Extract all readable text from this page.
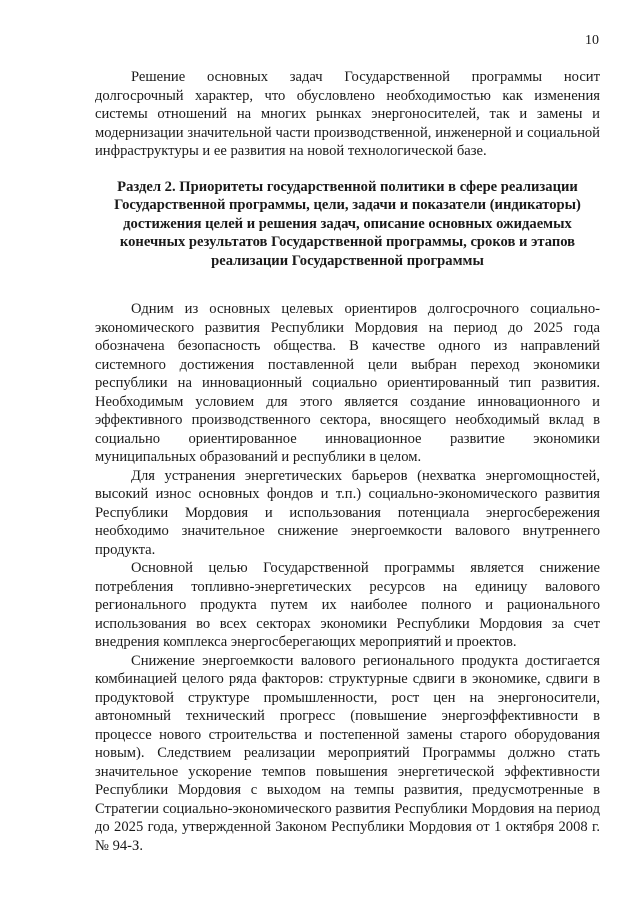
10

Решение основных задач Государственной программы носит долгосрочный характер, что обусловлено необходимостью как изменения системы отношений на многих рынках энергоносителей, так и замены и модернизации значительной части производственной, инженерной и социальной инфраструктуры и ее развития на новой технологической базе.

Раздел 2. Приоритеты государственной политики в сфере реализации Государственной программы, цели, задачи и показатели (индикаторы) достижения целей и решения задач, описание основных ожидаемых конечных результатов Государственной программы, сроков и этапов реализации Государственной программы

Одним из основных целевых ориентиров долгосрочного социально-экономического развития Республики Мордовия на период до 2025 года обозначена безопасность общества. В качестве одного из направлений системного достижения поставленной цели выбран переход экономики республики на инновационный социально ориентированный тип развития. Необходимым условием для этого является создание инновационного и эффективного производственного сектора, вносящего необходимый вклад в социально ориентированное инновационное развитие экономики муниципальных образований и республики в целом.

Для устранения энергетических барьеров (нехватка энергомощностей, высокий износ основных фондов и т.п.) социально-экономического развития Республики Мордовия и использования потенциала энергосбережения необходимо значительное снижение энергоемкости валового внутреннего продукта.

Основной целью Государственной программы является снижение потребления топливно-энергетических ресурсов на единицу валового регионального продукта путем их наиболее полного и рационального использования во всех секторах экономики Республики Мордовия за счет внедрения комплекса энергосберегающих мероприятий и проектов.

Снижение энергоемкости валового регионального продукта достигается комбинацией целого ряда факторов: структурные сдвиги в экономике, сдвиги в продуктовой структуре промышленности, рост цен на энергоносители, автономный технический прогресс (повышение энергоэффективности в процессе нового строительства и постепенной замены старого оборудования новым). Следствием реализации мероприятий Программы должно стать значительное ускорение темпов повышения энергетической эффективности Республики Мордовия с выходом на темпы развития, предусмотренные в Стратегии социально-экономического развития Республики Мордовия на период до 2025 года, утвержденной Законом Республики Мордовия от 1 октября 2008 г. № 94-З.
